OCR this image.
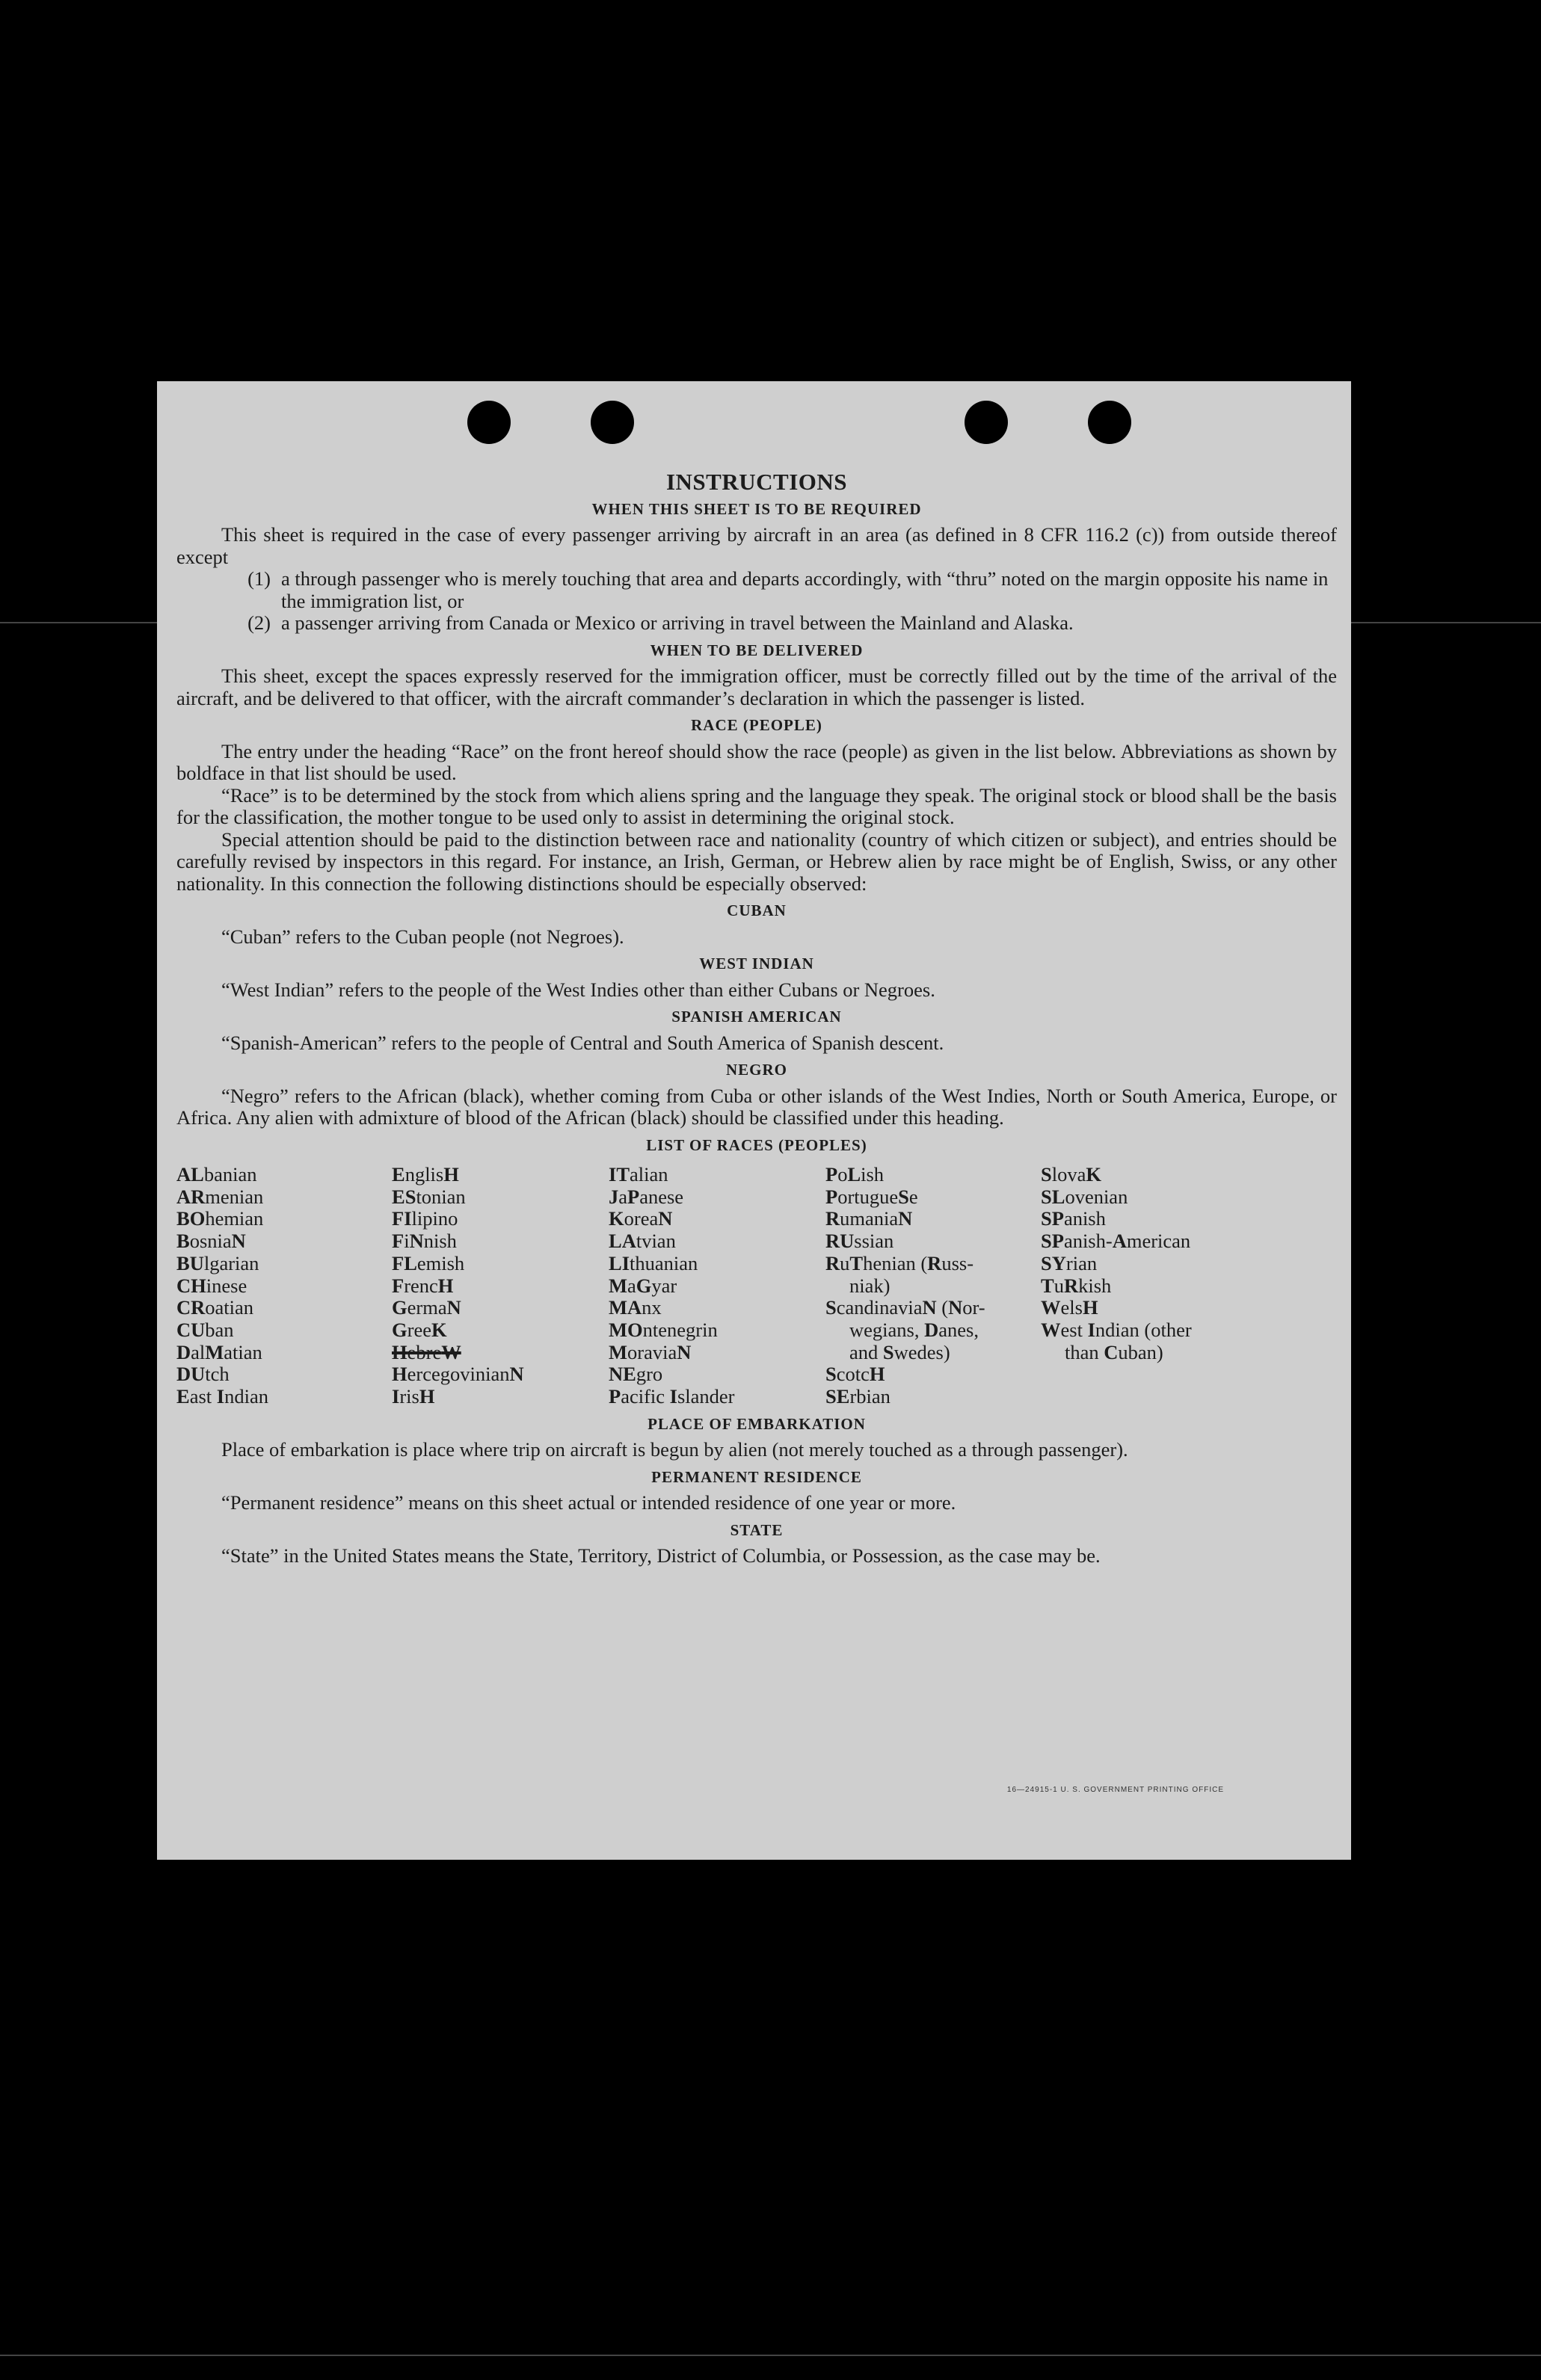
INSTRUCTIONS
WHEN THIS SHEET IS TO BE REQUIRED

This sheet is required in the case of every passenger arriving by aircraft in an area (as defined in 8 CFR 116.2 (c)) from outside thereof except

(1) a through passenger who is merely touching that area and departs accordingly, with “thru” noted on the margin opposite his name in the immigration list, or
(2) a passenger arriving from Canada or Mexico or arriving in travel between the Mainland and Alaska.
WHEN TO BE DELIVERED

This sheet, except the spaces expressly reserved for the immigration officer, must be correctly filled out by the time of the arrival of the aircraft, and be delivered to that officer, with the aircraft commander’s declaration in which the passenger is listed.

RACE (PEOPLE)

The entry under the heading “Race” on the front hereof should show the race (people) as given in the list below. Abbreviations as shown by boldface in that list should be used.

“Race” is to be determined by the stock from which aliens spring and the language they speak. The original stock or blood shall be the basis for the classification, the mother tongue to be used only to assist in determining the original stock.

Special attention should be paid to the distinction between race and nationality (country of which citizen or subject), and entries should be carefully revised by inspectors in this regard. For instance, an Irish, German, or Hebrew alien by race might be of English, Swiss, or any other nationality. In this connection the following distinctions should be especially observed:

CUBAN

“Cuban” refers to the Cuban people (not Negroes).

WEST INDIAN

“West Indian” refers to the people of the West Indies other than either Cubans or Negroes.

SPANISH AMERICAN

“Spanish-American” refers to the people of Central and South America of Spanish descent.

NEGRO

“Negro” refers to the African (black), whether coming from Cuba or other islands of the West Indies, North or South America, Europe, or Africa. Any alien with admixture of blood of the African (black) should be classified under this heading.

LIST OF RACES (PEOPLES)
ALbanian
ARmenian
BOhemian
BosniaN
BUlgarian
CHinese
CRoatian
CUban
DalMatian
DUtch
East Indian
EnglisH
EStonian
FIlipino
FiNnish
FLemish
FrencH
GermaN
GreeK
HebreW
HercegovinianN
IrisH
ITalian
JaPanese
KoreaN
LAtvian
LIthuanian
MaGyar
MAnx
MOntenegrin
MoraviaN
NEgro
Pacific Islander
PoLish
PortugueSe
RumaniaN
RUssian
RuThenian (Russ-
niak)
ScandinaviaN (Nor-
wegians, Danes,
and Swedes)
ScotcH
SErbian
SlovaK
SLovenian
SPanish
SPanish-American
SYrian
TuRkish
WelsH
West Indian (other
than Cuban)
PLACE OF EMBARKATION

Place of embarkation is place where trip on aircraft is begun by alien (not merely touched as a through passenger).

PERMANENT RESIDENCE

“Permanent residence” means on this sheet actual or intended residence of one year or more.

STATE

“State” in the United States means the State, Territory, District of Columbia, or Possession, as the case may be.

16—24915-1 U. S. GOVERNMENT PRINTING OFFICE
